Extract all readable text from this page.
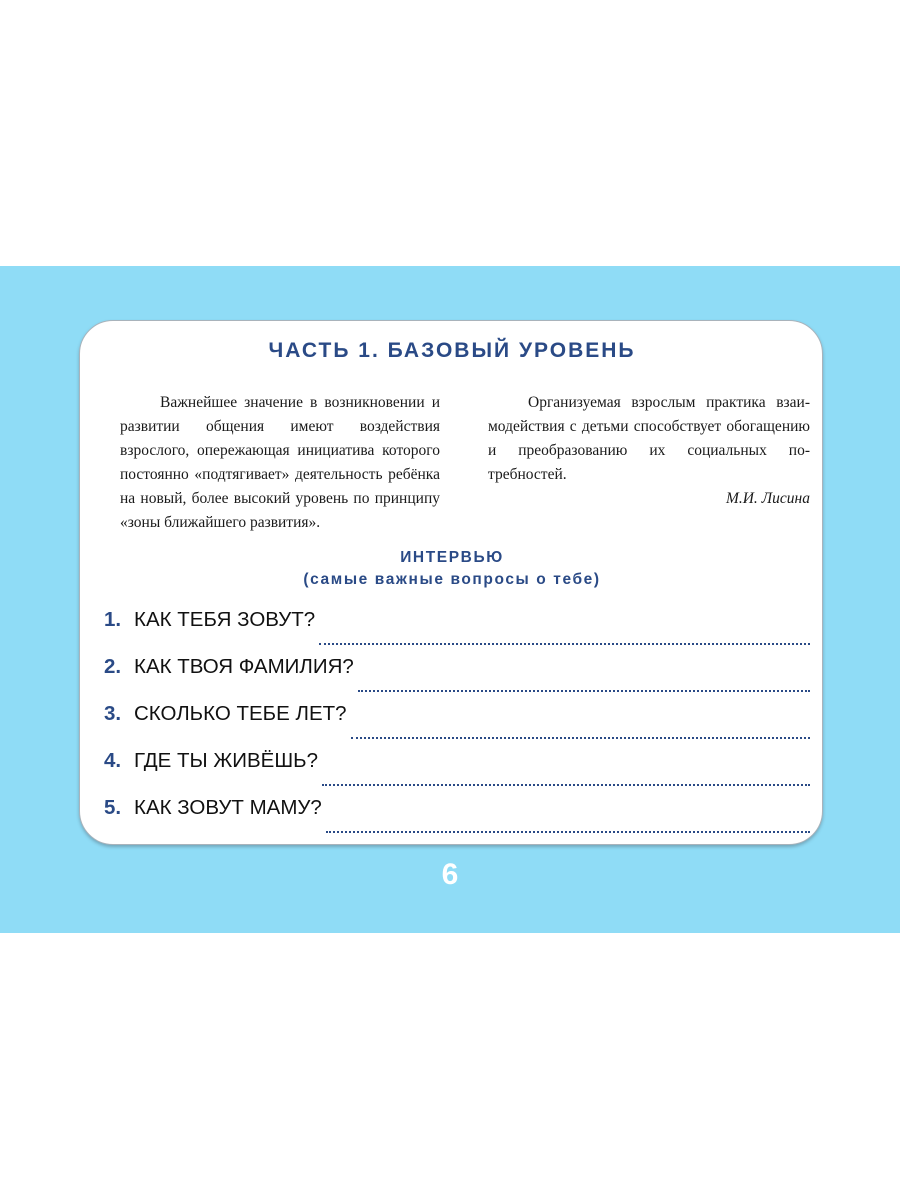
ЧАСТЬ 1. БАЗОВЫЙ УРОВЕНЬ
Важнейшее значение в возникновении и развитии общения имеют воздействия взрослого, опережающая инициатива которого постоянно «подтягивает» деятельность ребёнка на новый, более высокий уровень по принципу «зоны ближайшего развития».
Организуемая взрослым практика взаимодействия с детьми способствует обогащению и преобразованию их социальных потребностей.
М.И. Лисина
ИНТЕРВЬЮ
(самые важные вопросы о тебе)
1. КАК ТЕБЯ ЗОВУТ?
2. КАК ТВОЯ ФАМИЛИЯ?
3. СКОЛЬКО ТЕБЕ ЛЕТ?
4. ГДЕ ТЫ ЖИВЁШЬ?
5. КАК ЗОВУТ МАМУ?
6
